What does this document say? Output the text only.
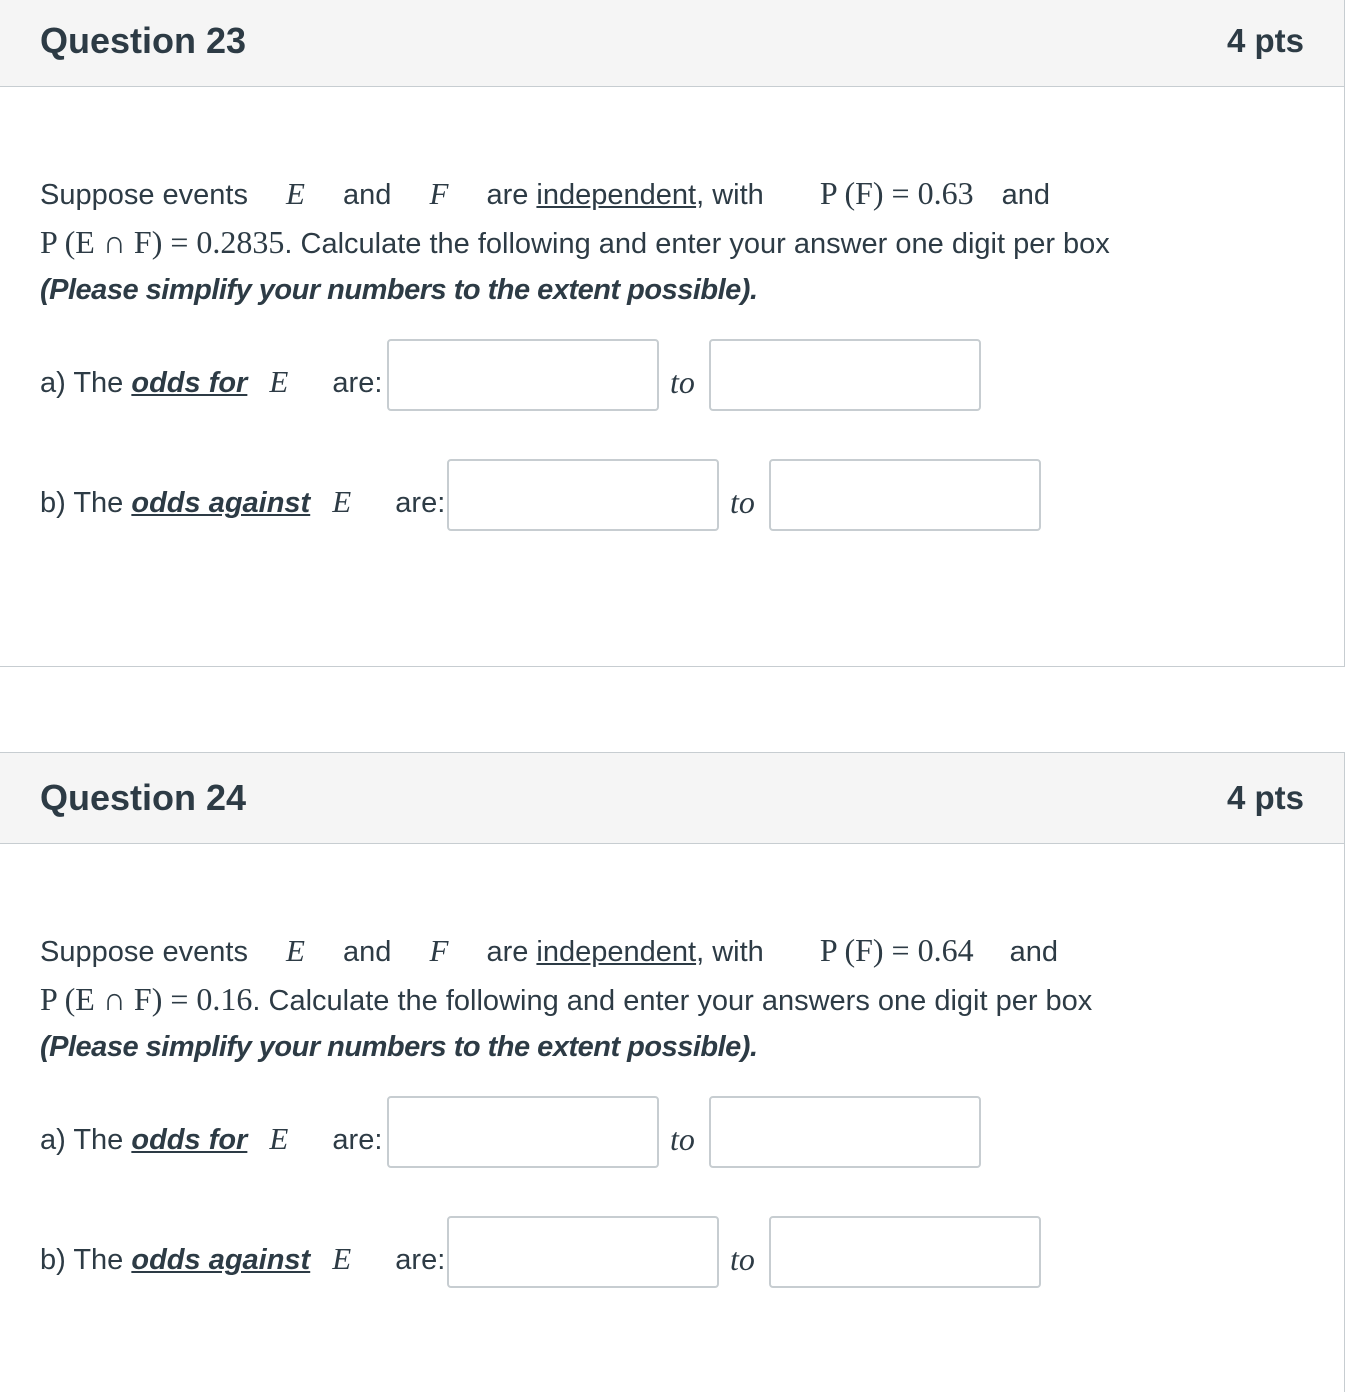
Question 23	4 pts
Suppose events E and F are independent, with P (F) = 0.63 and
P (E ∩ F) = 0.2835. Calculate the following and enter your answer one digit per box
(Please simplify your numbers to the extent possible).
a) The odds for E are:	to
b) The odds against E are:	to
Question 24	4 pts
Suppose events E and F are independent, with P (F) = 0.64 and
P (E ∩ F) = 0.16. Calculate the following and enter your answers one digit per box
(Please simplify your numbers to the extent possible).
a) The odds for E are:	to
b) The odds against E are:	to
